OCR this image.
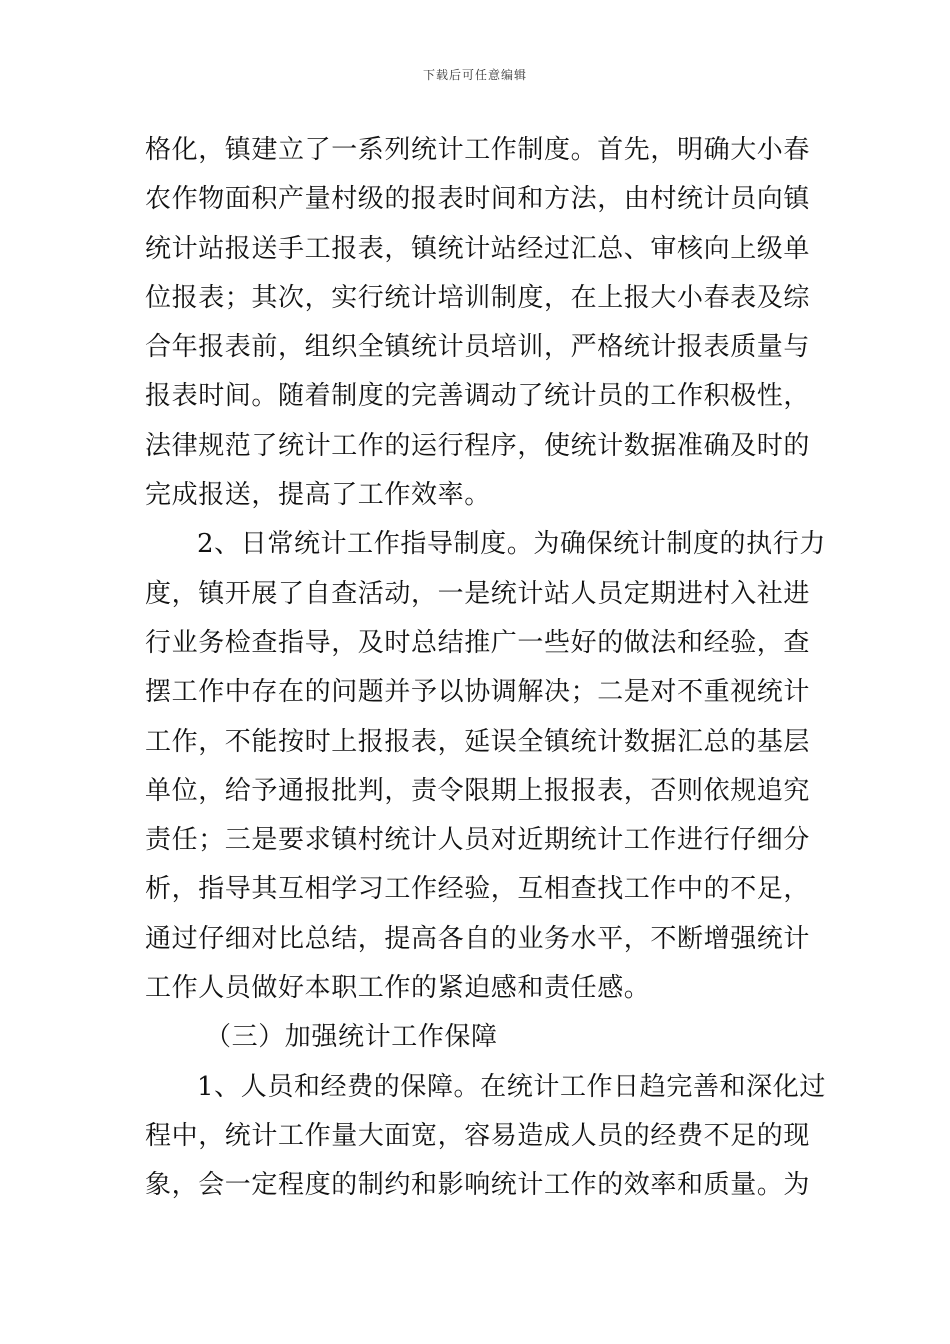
下载后可任意编辑
格化，镇建立了一系列统计工作制度。首先，明确大小春
农作物面积产量村级的报表时间和方法，由村统计员向镇
统计站报送手工报表，镇统计站经过汇总、审核向上级单
位报表；其次，实行统计培训制度，在上报大小春表及综
合年报表前，组织全镇统计员培训，严格统计报表质量与
报表时间。随着制度的完善调动了统计员的工作积极性，
法律规范了统计工作的运行程序，使统计数据准确及时的
完成报送，提高了工作效率。
2、日常统计工作指导制度。为确保统计制度的执行力
度，镇开展了自查活动，一是统计站人员定期进村入社进
行业务检查指导，及时总结推广一些好的做法和经验，查
摆工作中存在的问题并予以协调解决；二是对不重视统计
工作，不能按时上报报表，延误全镇统计数据汇总的基层
单位，给予通报批判，责令限期上报报表，否则依规追究
责任；三是要求镇村统计人员对近期统计工作进行仔细分
析，指导其互相学习工作经验，互相查找工作中的不足，
通过仔细对比总结，提高各自的业务水平，不断增强统计
工作人员做好本职工作的紧迫感和责任感。
（三）加强统计工作保障
1、人员和经费的保障。在统计工作日趋完善和深化过
程中，统计工作量大面宽，容易造成人员的经费不足的现
象，会一定程度的制约和影响统计工作的效率和质量。为
